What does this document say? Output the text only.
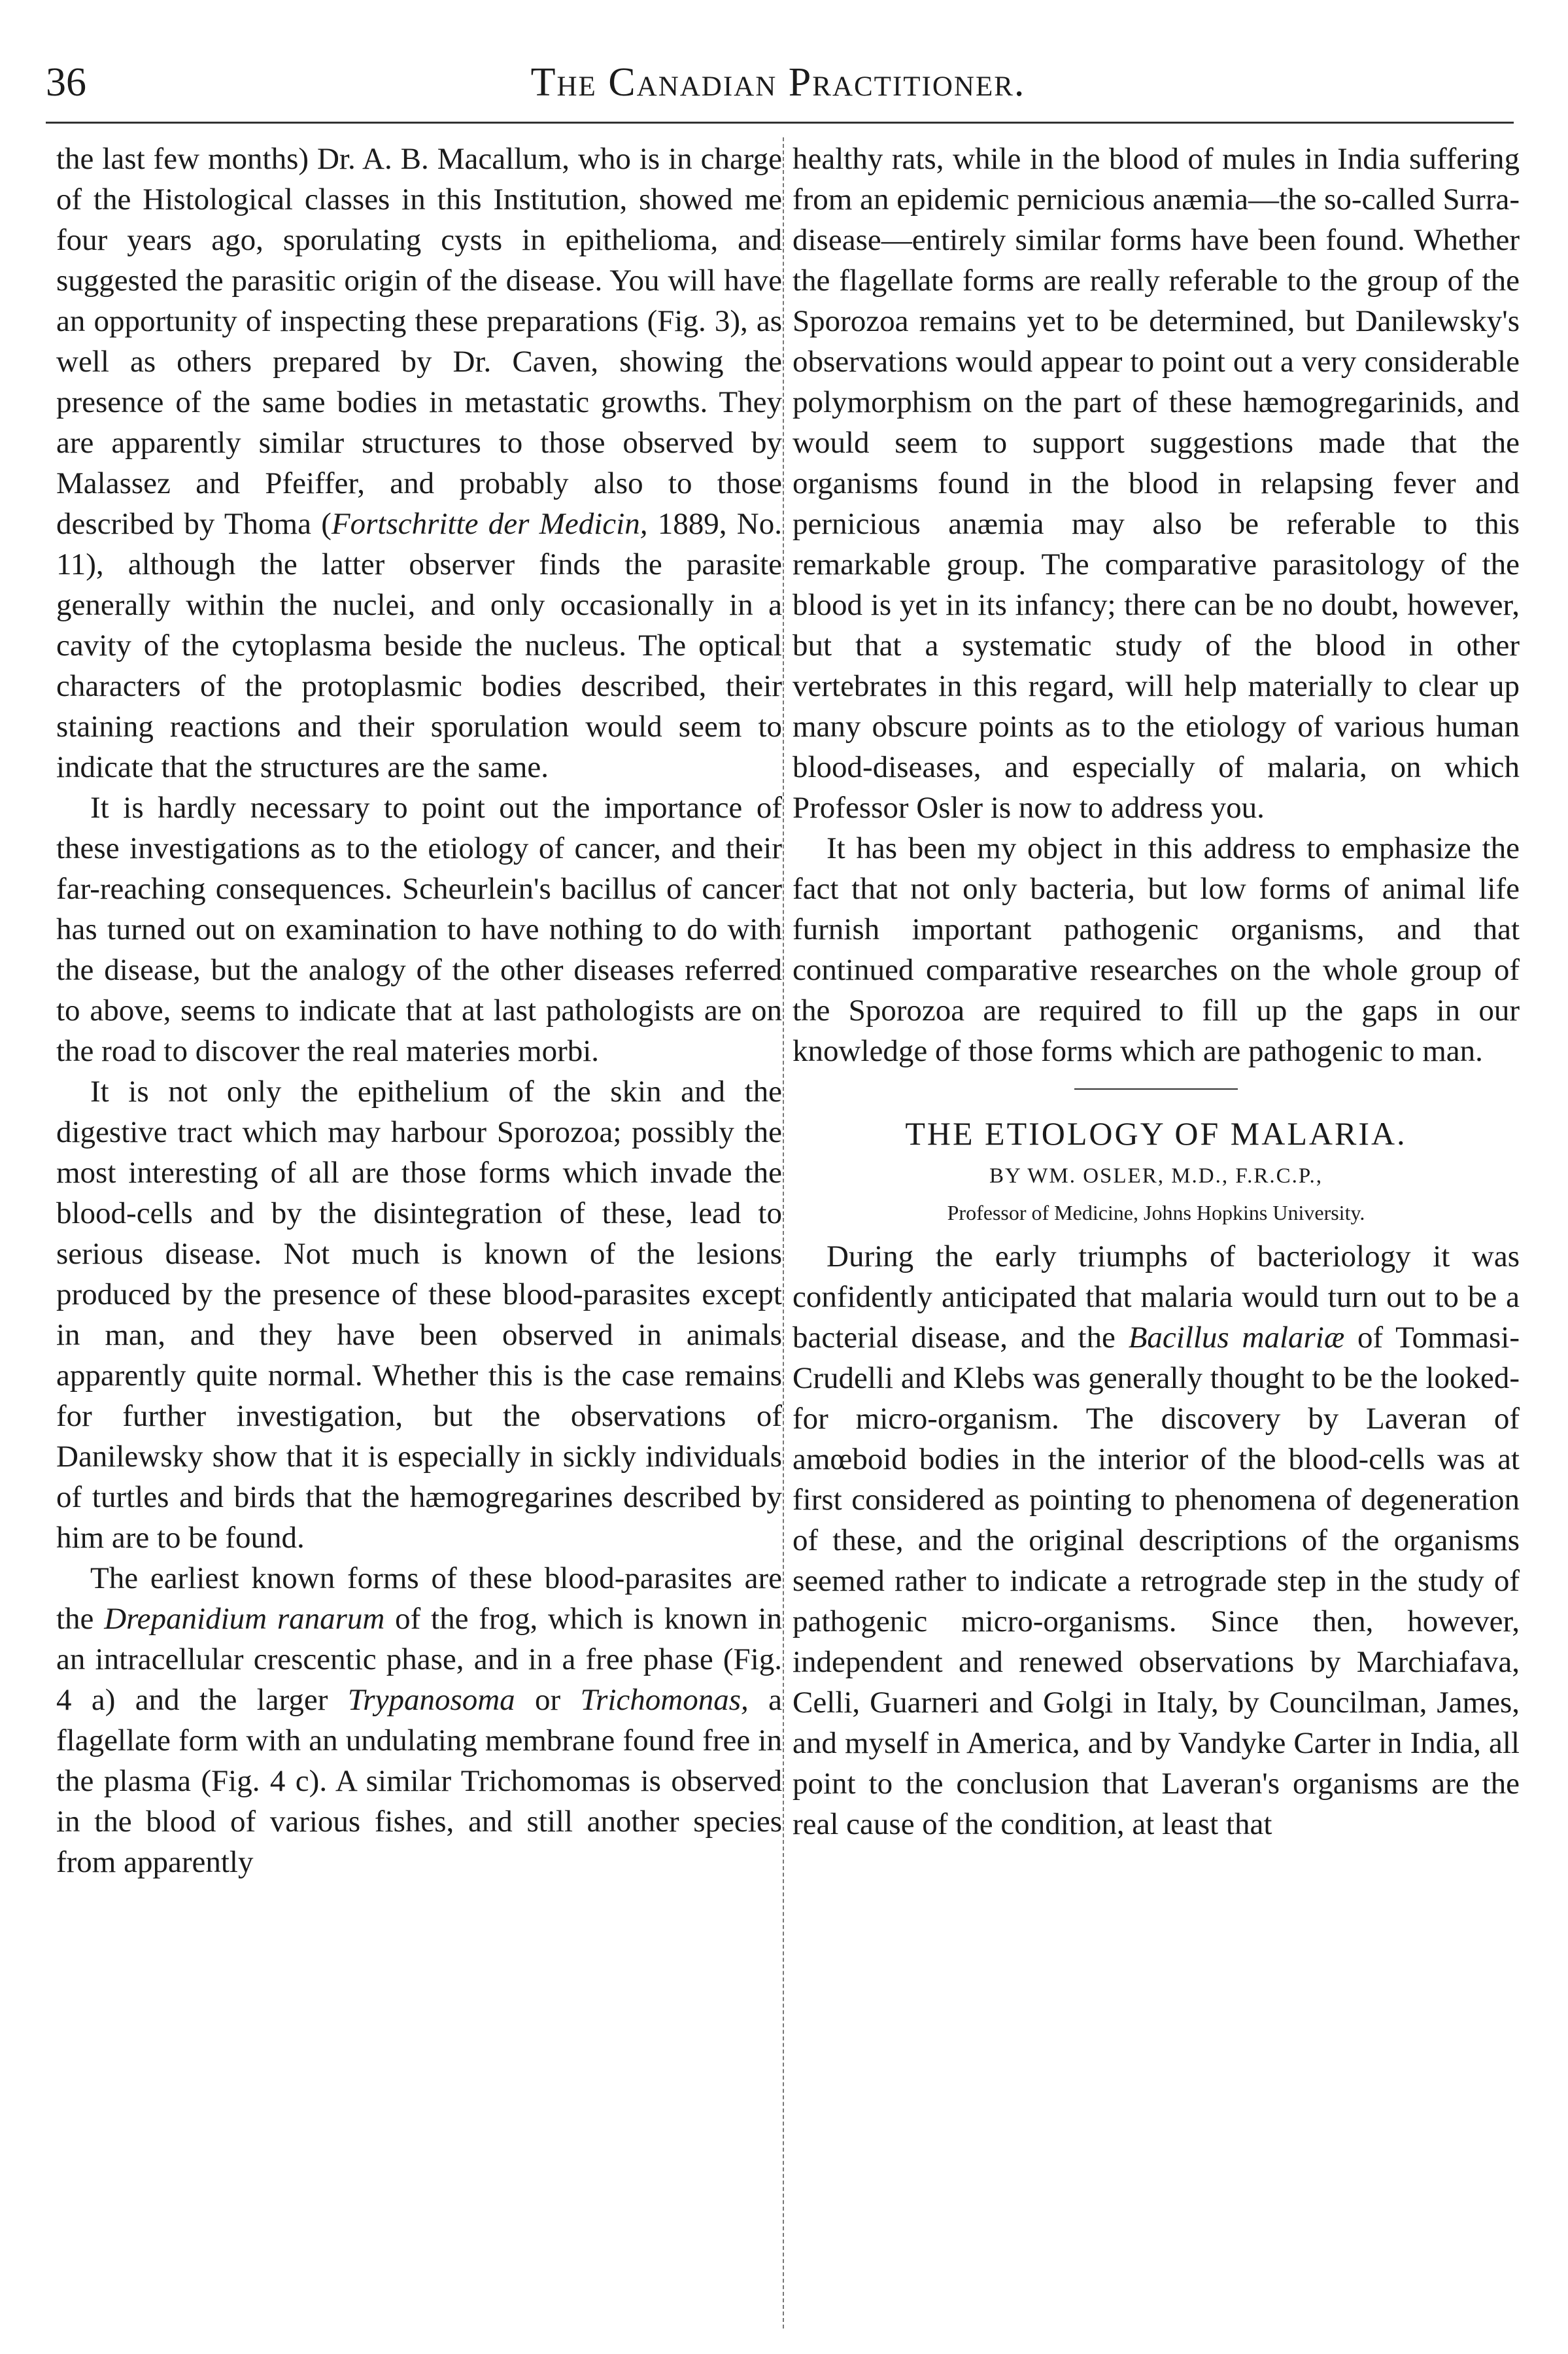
36	The Canadian Practitioner.

the last few months) Dr. A. B. Macallum, who is in charge of the Histological classes in this Institution, showed me four years ago, sporulating cysts in epithelioma, and suggested the parasitic origin of the disease. You will have an opportunity of inspecting these preparations (Fig. 3), as well as others prepared by Dr. Caven, showing the presence of the same bodies in metastatic growths. They are apparently similar structures to those observed by Malassez and Pfeiffer, and probably also to those described by Thoma (Fortschritte der Medicin, 1889, No. 11), although the latter observer finds the parasite generally within the nuclei, and only occasionally in a cavity of the cytoplasma beside the nucleus. The optical characters of the protoplasmic bodies described, their staining reactions and their sporulation would seem to indicate that the structures are the same.

It is hardly necessary to point out the importance of these investigations as to the etiology of cancer, and their far-reaching consequences. Scheurlein's bacillus of cancer has turned out on examination to have nothing to do with the disease, but the analogy of the other diseases referred to above, seems to indicate that at last pathologists are on the road to discover the real materies morbi.

It is not only the epithelium of the skin and the digestive tract which may harbour Sporozoa; possibly the most interesting of all are those forms which invade the blood-cells and by the disintegration of these, lead to serious disease. Not much is known of the lesions produced by the presence of these blood-parasites except in man, and they have been observed in animals apparently quite normal. Whether this is the case remains for further investigation, but the observations of Danilewsky show that it is especially in sickly individuals of turtles and birds that the hæmogregarines described by him are to be found.

The earliest known forms of these blood-parasites are the Drepanidium ranarum of the frog, which is known in an intracellular crescentic phase, and in a free phase (Fig. 4 a) and the larger Trypanosoma or Trichomonas, a flagellate form with an undulating membrane found free in the plasma (Fig. 4 c). A similar Trichomomas is observed in the blood of various fishes, and still another species from apparently

healthy rats, while in the blood of mules in India suffering from an epidemic pernicious anæmia—the so-called Surra-disease—entirely similar forms have been found. Whether the flagellate forms are really referable to the group of the Sporozoa remains yet to be determined, but Danilewsky's observations would appear to point out a very considerable polymorphism on the part of these hæmogregarinids, and would seem to support suggestions made that the organisms found in the blood in relapsing fever and pernicious anæmia may also be referable to this remarkable group. The comparative parasitology of the blood is yet in its infancy; there can be no doubt, however, but that a systematic study of the blood in other vertebrates in this regard, will help materially to clear up many obscure points as to the etiology of various human blood-diseases, and especially of malaria, on which Professor Osler is now to address you.

It has been my object in this address to emphasize the fact that not only bacteria, but low forms of animal life furnish important pathogenic organisms, and that continued comparative researches on the whole group of the Sporozoa are required to fill up the gaps in our knowledge of those forms which are pathogenic to man.

THE ETIOLOGY OF MALARIA.

BY WM. OSLER, M.D., F.R.C.P.,

Professor of Medicine, Johns Hopkins University.

During the early triumphs of bacteriology it was confidently anticipated that malaria would turn out to be a bacterial disease, and the Bacillus malariæ of Tommasi-Crudelli and Klebs was generally thought to be the looked-for micro-organism. The discovery by Laveran of amœboid bodies in the interior of the blood-cells was at first considered as pointing to phenomena of degeneration of these, and the original descriptions of the organisms seemed rather to indicate a retrograde step in the study of pathogenic micro-organisms. Since then, however, independent and renewed observations by Marchiafava, Celli, Guarneri and Golgi in Italy, by Councilman, James, and myself in America, and by Vandyke Carter in India, all point to the conclusion that Laveran's organisms are the real cause of the condition, at least that
